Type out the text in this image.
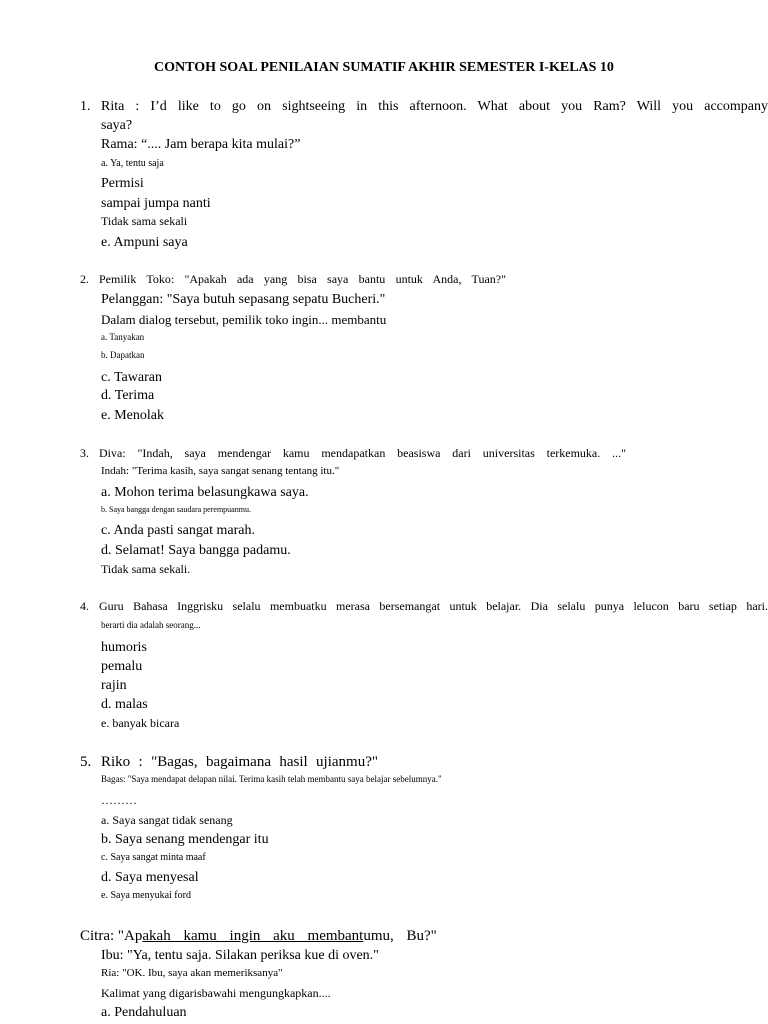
CONTOH SOAL PENILAIAN SUMATIF AKHIR SEMESTER I-KELAS 10
1. Rita : I’d like to go on sightseeing in this afternoon. What about you Ram? Will you accompany
saya?
Rama: “.... Jam berapa kita mulai?”
a. Ya, tentu saja
Permisi
sampai jumpa nanti
Tidak sama sekali
e. Ampuni saya
2. Pemilik Toko: "Apakah ada yang bisa saya bantu untuk Anda, Tuan?"
Pelanggan: "Saya butuh sepasang sepatu Bucheri."
Dalam dialog tersebut, pemilik toko ingin... membantu
a. Tanyakan
b. Dapatkan
c. Tawaran
d. Terima
e. Menolak
3. Diva: "Indah, saya mendengar kamu mendapatkan beasiswa dari universitas terkemuka. ..."
Indah: "Terima kasih, saya sangat senang tentang itu."
a. Mohon terima belasungkawa saya.
b. Saya bangga dengan saudara perempuanmu.
c. Anda pasti sangat marah.
d. Selamat! Saya bangga padamu.
Tidak sama sekali.
4. Guru Bahasa Inggrisku selalu membuatku merasa bersemangat untuk belajar. Dia selalu punya lelucon baru setiap hari.
berarti dia adalah seorang...
humoris
pemalu
rajin
d. malas
e. banyak bicara
5. Riko : "Bagas, bagaimana hasil ujianmu?"
Bagas: "Saya mendapat delapan nilai. Terima kasih telah membantu saya belajar sebelumnya."
………
a. Saya sangat tidak senang
b. Saya senang mendengar itu
c. Saya sangat minta maaf
d. Saya menyesal
e. Saya menyukai ford
Citra: "Apakah kamu ingin aku membantumu, Bu?"
Ibu: "Ya, tentu saja. Silakan periksa kue di oven."
Ria: "OK. Ibu, saya akan memeriksanya"
Kalimat yang digarisbawahi mengungkapkan....
a. Pendahuluan
